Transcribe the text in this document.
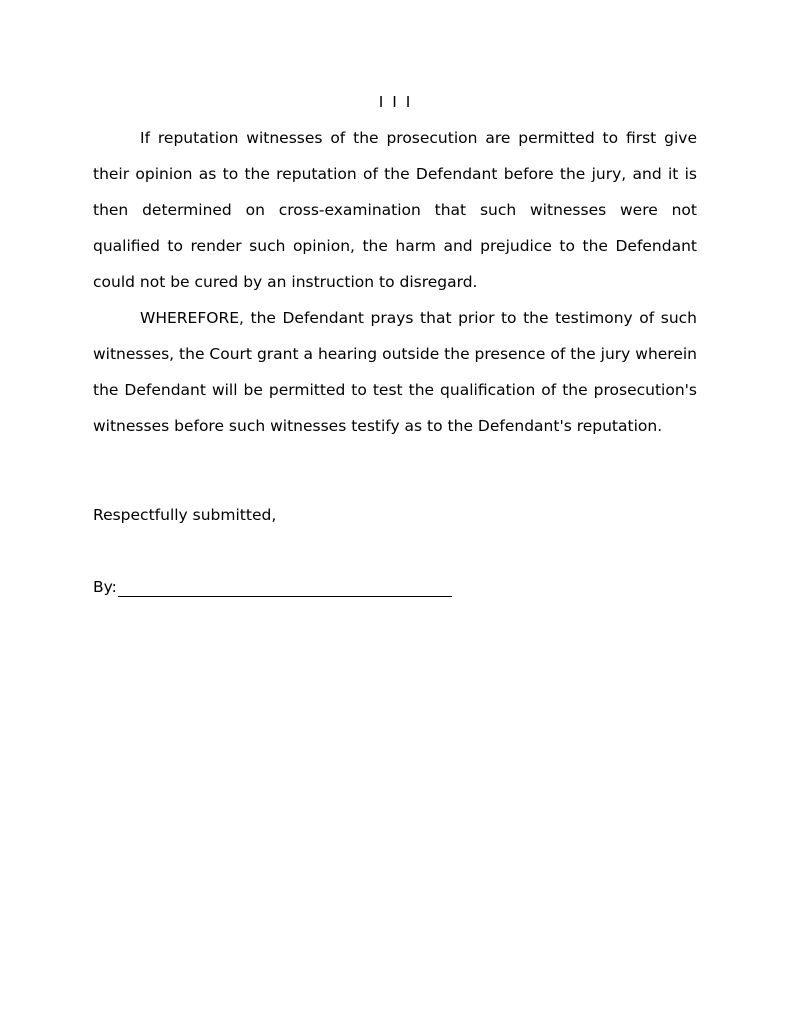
I I I

If reputation witnesses of the prosecution are permitted to first give their opinion as to the reputation of the Defendant before the jury, and it is then determined on cross-examination that such witnesses were not qualified to render such opinion, the harm and prejudice to the Defendant could not be cured by an instruction to disregard.

WHEREFORE, the Defendant prays that prior to the testimony of such witnesses, the Court grant a hearing outside the presence of the jury wherein the Defendant will be permitted to test the qualification of the prosecution's witnesses before such witnesses testify as to the Defendant's reputation.

Respectfully submitted,
By:
